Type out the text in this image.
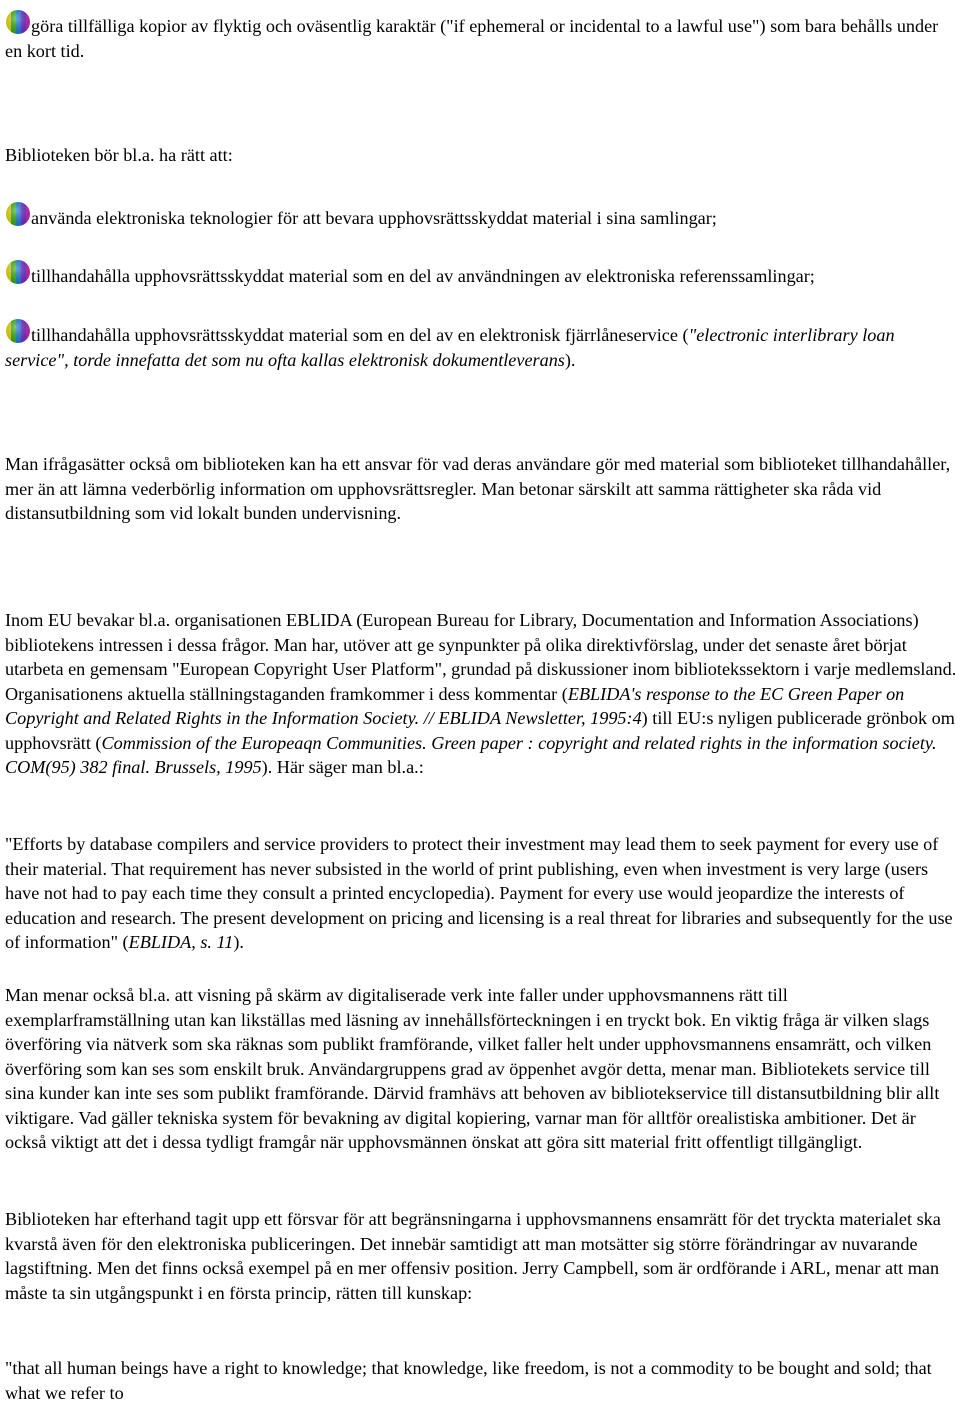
göra tillfälliga kopior av flyktig och oväsentlig karaktär ("if ephemeral or incidental to a lawful use") som bara behålls under en kort tid.

Biblioteken bör bl.a. ha rätt att:

använda elektroniska teknologier för att bevara upphovsrättsskyddat material i sina samlingar;

tillhandahålla upphovsrättsskyddat material som en del av användningen av elektroniska referenssamlingar;

tillhandahålla upphovsrättsskyddat material som en del av en elektronisk fjärrlåneservice ("electronic interlibrary loan service", torde innefatta det som nu ofta kallas elektronisk dokumentleverans).

Man ifrågasätter också om biblioteken kan ha ett ansvar för vad deras användare gör med material som biblioteket tillhandahåller, mer än att lämna vederbörlig information om upphovsrättsregler. Man betonar särskilt att samma rättigheter ska råda vid distansutbildning som vid lokalt bunden undervisning.

Inom EU bevakar bl.a. organisationen EBLIDA (European Bureau for Library, Documentation and Information Associations) bibliotekens intressen i dessa frågor. Man har, utöver att ge synpunkter på olika direktivförslag, under det senaste året börjat utarbeta en gemensam "European Copyright User Platform", grundad på diskussioner inom bibliotekssektorn i varje medlemsland. Organisationens aktuella ställningstaganden framkommer i dess kommentar (EBLIDA's response to the EC Green Paper on Copyright and Related Rights in the Information Society. // EBLIDA Newsletter, 1995:4) till EU:s nyligen publicerade grönbok om upphovsrätt (Commission of the Europeaqn Communities. Green paper : copyright and related rights in the information society. COM(95) 382 final. Brussels, 1995). Här säger man bl.a.:

"Efforts by database compilers and service providers to protect their investment may lead them to seek payment for every use of their material. That requirement has never subsisted in the world of print publishing, even when investment is very large (users have not had to pay each time they consult a printed encyclopedia). Payment for every use would jeopardize the interests of education and research. The present development on pricing and licensing is a real threat for libraries and subsequently for the use of information" (EBLIDA, s. 11).

Man menar också bl.a. att visning på skärm av digitaliserade verk inte faller under upphovsmannens rätt till exemplarframställning utan kan likställas med läsning av innehållsförteckningen i en tryckt bok. En viktig fråga är vilken slags överföring via nätverk som ska räknas som publikt framförande, vilket faller helt under upphovsmannens ensamrätt, och vilken överföring som kan ses som enskilt bruk. Användargruppens grad av öppenhet avgör detta, menar man. Bibliotekets service till sina kunder kan inte ses som publikt framförande. Därvid framhävs att behoven av bibliotekservice till distansutbildning blir allt viktigare. Vad gäller tekniska system för bevakning av digital kopiering, varnar man för alltför orealistiska ambitioner. Det är också viktigt att det i dessa tydligt framgår när upphovsmännen önskat att göra sitt material fritt offentligt tillgängligt.

Biblioteken har efterhand tagit upp ett försvar för att begränsningarna i upphovsmannens ensamrätt för det tryckta materialet ska kvarstå även för den elektroniska publiceringen. Det innebär samtidigt att man motsätter sig större förändringar av nuvarande lagstiftning. Men det finns också exempel på en mer offensiv position. Jerry Campbell, som är ordförande i ARL, menar att man måste ta sin utgångspunkt i en första princip, rätten till kunskap:

"that all human beings have a right to knowledge; that knowledge, like freedom, is not a commodity to be bought and sold; that what we refer to
